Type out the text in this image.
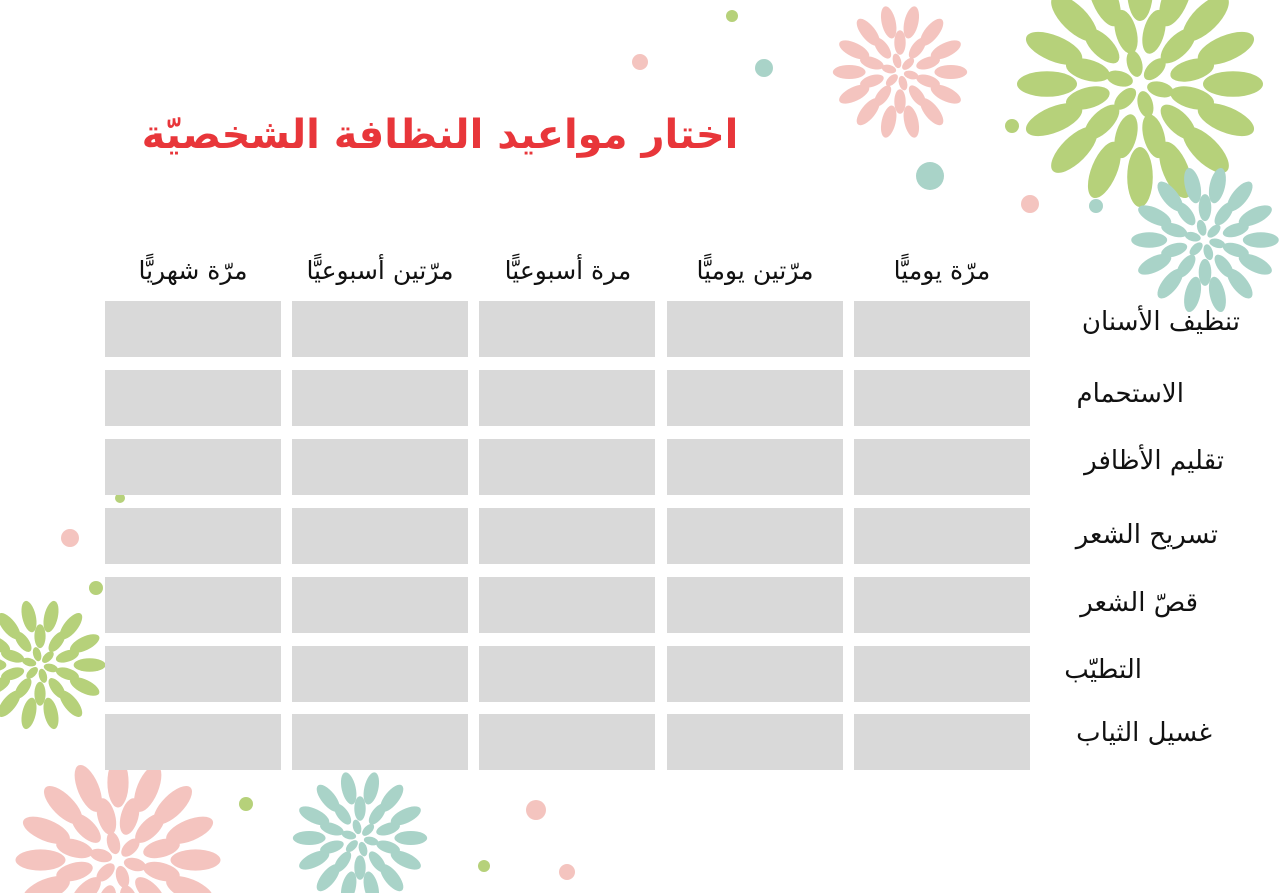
اختار مواعيد النظافة الشخصيّة
مرّة يوميًّا
مرّتين يوميًّا
مرة أسبوعيًّا
مرّتين أسبوعيًّا
مرّة شهريًّا
تنظيف الأسنان
الاستحمام
تقليم الأظافر
تسريح الشعر
قصّ الشعر
التطيّب
غسيل الثياب
